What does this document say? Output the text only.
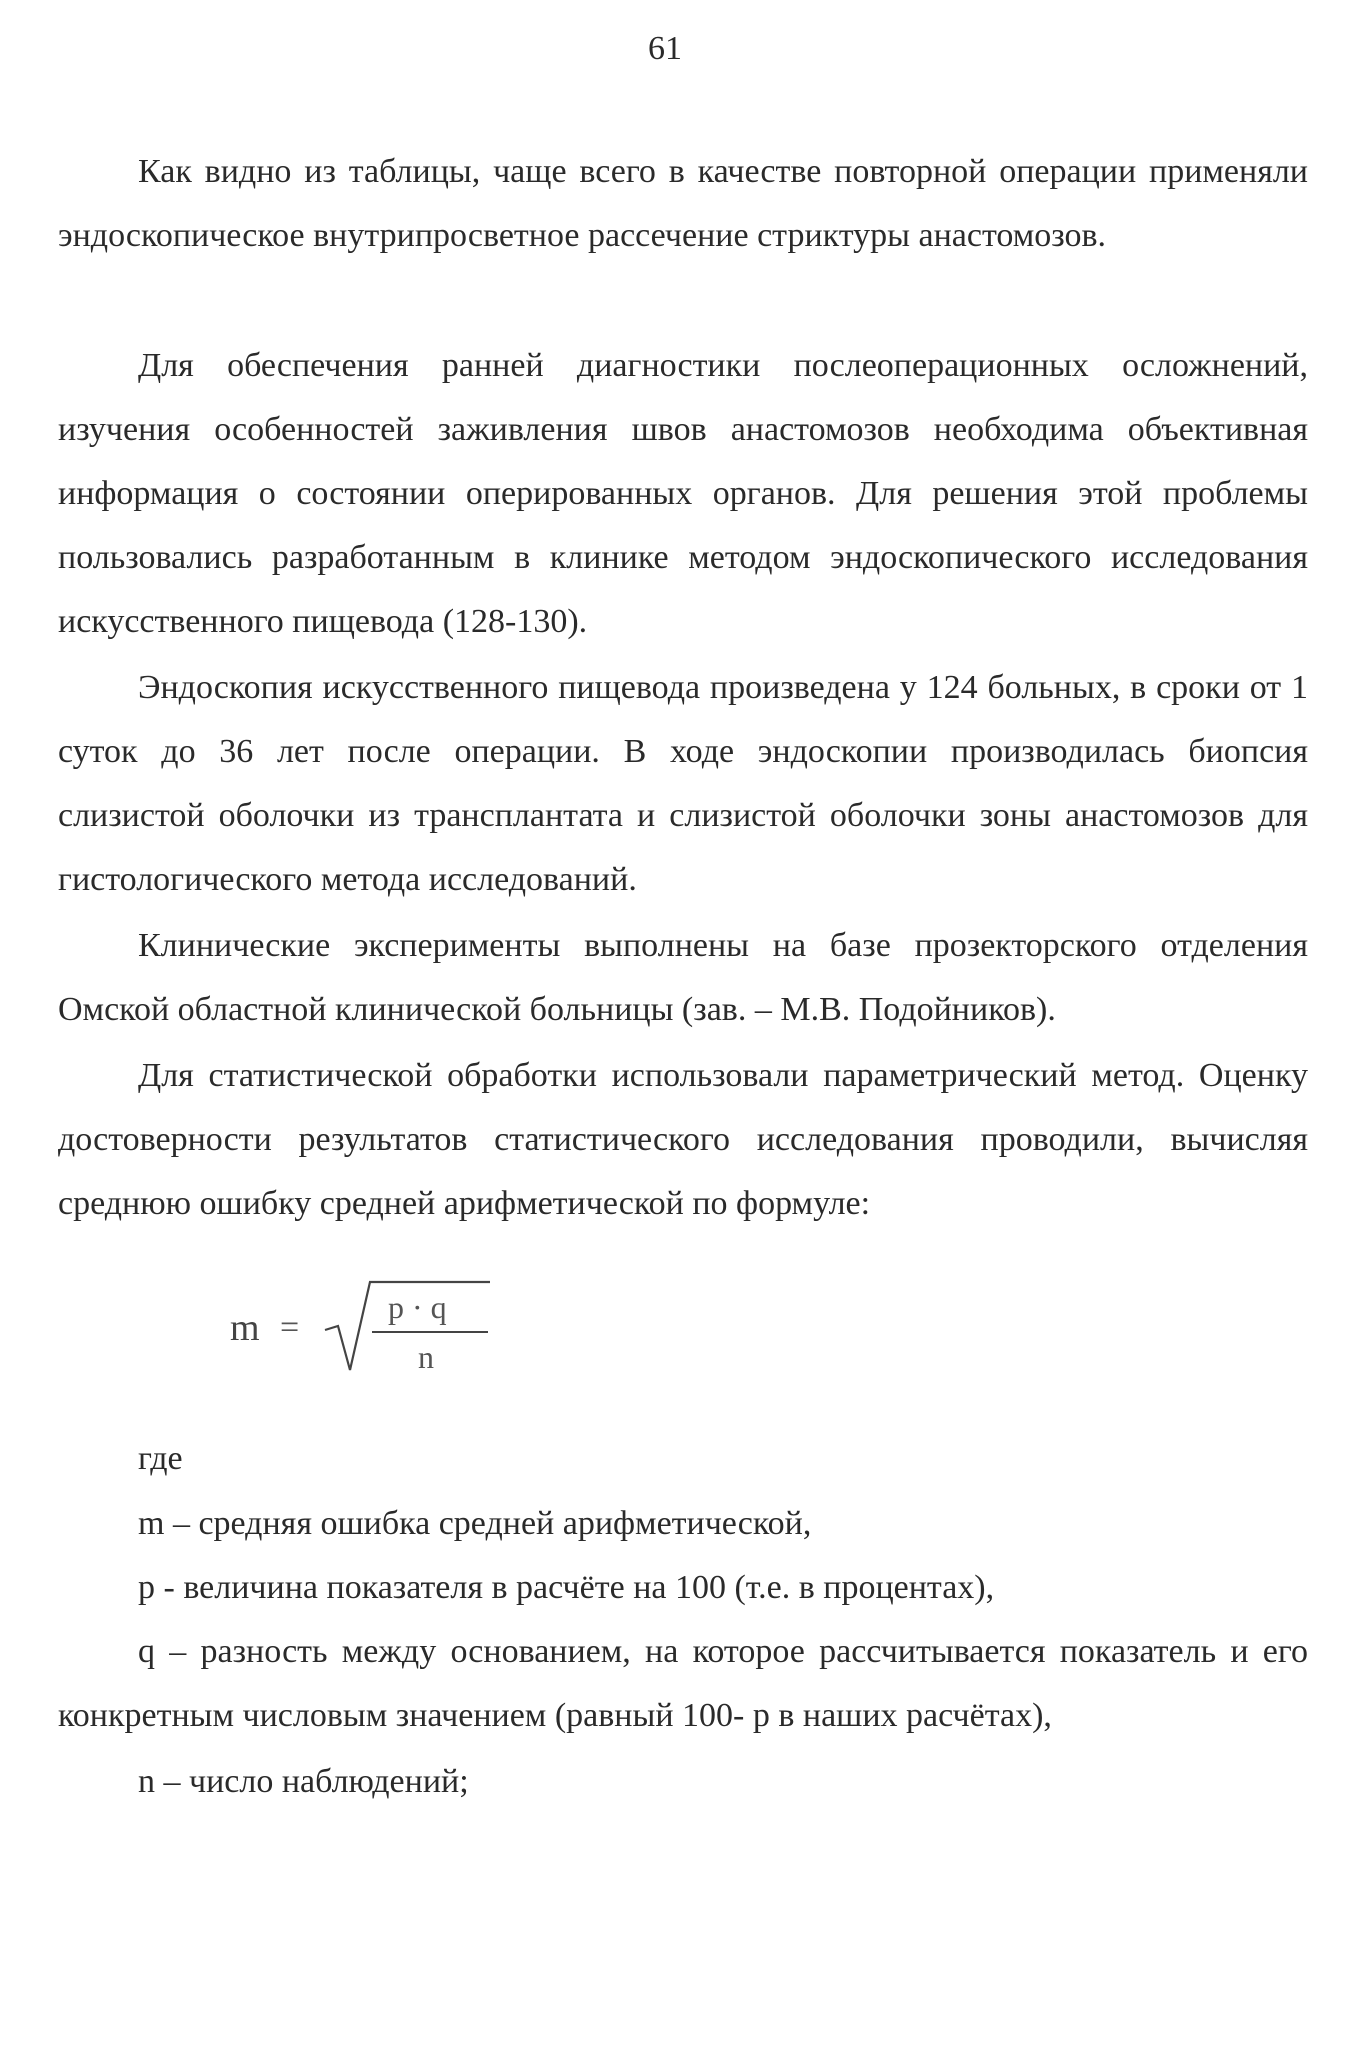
61

Как видно из таблицы, чаще всего в качестве повторной операции применяли эндоскопическое внутрипросветное рассечение стриктуры анастомозов.

Для обеспечения ранней диагностики послеоперационных осложнений, изучения особенностей заживления швов анастомозов необходима объективная информация о состоянии оперированных органов. Для решения этой проблемы пользовались разработанным в клинике методом эндоскопического исследования искусственного пищевода (128-130).

Эндоскопия искусственного пищевода произведена у 124 больных, в сроки от 1 суток до 36 лет после операции. В ходе эндоскопии производилась биопсия слизистой оболочки из трансплантата и слизистой оболочки зоны анастомозов для гистологического метода исследований.

Клинические эксперименты выполнены на базе прозекторского отделения Омской областной клинической больницы (зав. – М.В. Подойников).

Для статистической обработки использовали параметрический метод. Оценку достоверности результатов статистического исследования проводили, вычисляя среднюю ошибку средней арифметической по формуле:

m =
p · q
n

где

m – средняя ошибка средней арифметической,

p - величина показателя в расчёте на 100 (т.е. в процентах),

q – разность между основанием, на которое рассчитывается показатель и его конкретным числовым значением (равный 100- p в наших расчётах),

n – число наблюдений;
